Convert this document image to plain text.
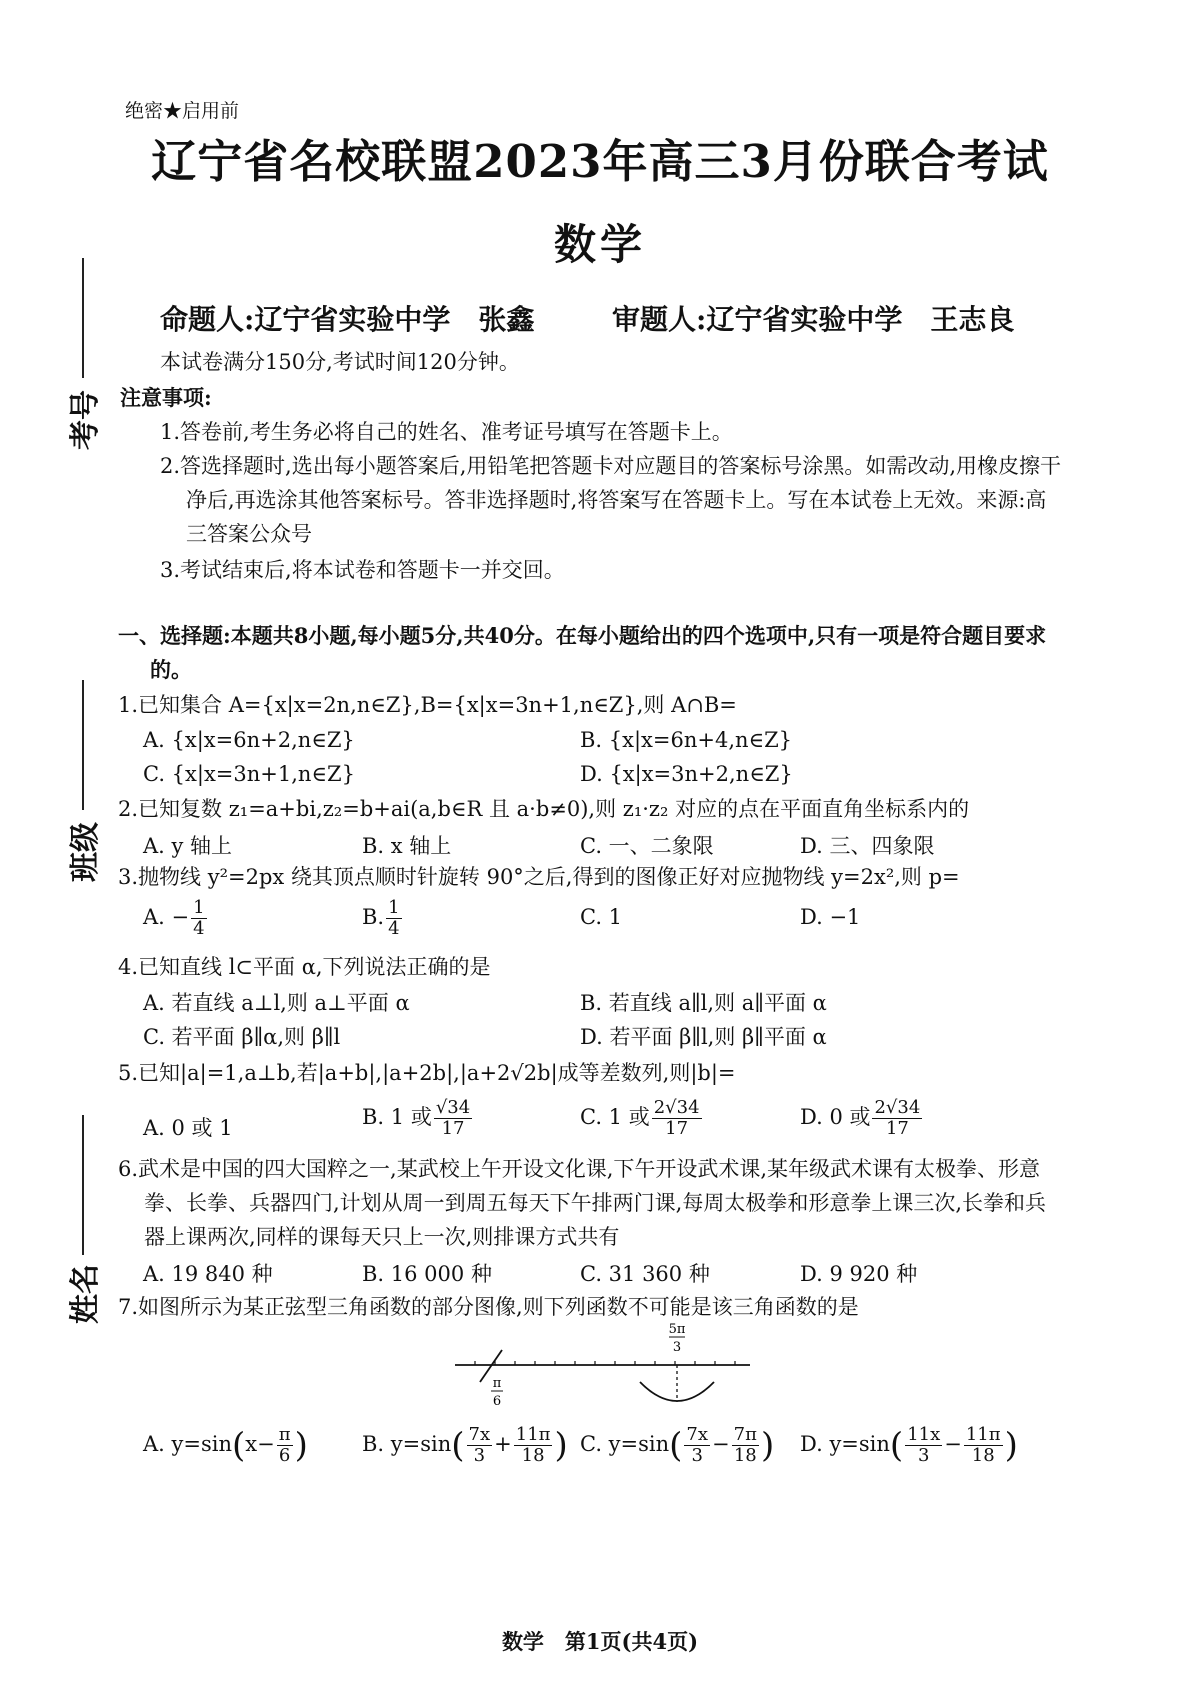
考号
班级
姓名
绝密★启用前
辽宁省名校联盟2023年高三3月份联合考试
数学
命题人:辽宁省实验中学　张鑫	审题人:辽宁省实验中学　王志良
本试卷满分150分,考试时间120分钟。
注意事项:
1.答卷前,考生务必将自己的姓名、准考证号填写在答题卡上。
2.答选择题时,选出每小题答案后,用铅笔把答题卡对应题目的答案标号涂黑。如需改动,用橡皮擦干净后,再选涂其他答案标号。答非选择题时,将答案写在答题卡上。写在本试卷上无效。来源:高三答案公众号
3.考试结束后,将本试卷和答题卡一并交回。
一、选择题:本题共8小题,每小题5分,共40分。在每小题给出的四个选项中,只有一项是符合题目要求的。
1.已知集合 A={x|x=2n,n∈Z},B={x|x=3n+1,n∈Z},则 A∩B=
A. {x|x=6n+2,n∈Z}	B. {x|x=6n+4,n∈Z}
C. {x|x=3n+1,n∈Z}	D. {x|x=3n+2,n∈Z}
2.已知复数 z₁=a+bi,z₂=b+ai(a,b∈R 且 a·b≠0),则 z₁·z₂ 对应的点在平面直角坐标系内的
A. y 轴上	B. x 轴上	C. 一、二象限	D. 三、四象限
3.抛物线 y²=2px 绕其顶点顺时针旋转 90°之后,得到的图像正好对应抛物线 y=2x²,则 p=
A. − $\frac{1}{4}$	B. $\frac{1}{4}$	C. 1	D. −1
4.已知直线 l⊂平面 α,下列说法正确的是
A. 若直线 a⊥l,则 a⊥平面 α	B. 若直线 a∥l,则 a∥平面 α
C. 若平面 β∥α,则 β∥l	D. 若平面 β∥l,则 β∥平面 α
5.已知|a|=1,a⊥b,若|a+b|,|a+2b|,|a+2√2b|成等差数列,则|b|=
A. 0 或 1	B. 1 或 $\frac{√34}{17}$	C. 1 或 $\frac{2√34}{17}$	D. 0 或 $\frac{2√34}{17}$
6.武术是中国的四大国粹之一,某武校上午开设文化课,下午开设武术课,某年级武术课有太极拳、形意拳、长拳、兵器四门,计划从周一到周五每天下午排两门课,每周太极拳和形意拳上课三次,长拳和兵器上课两次,同样的课每天只上一次,则排课方式共有
A. 19 840 种	B. 16 000 种	C. 31 360 种	D. 9 920 种
7.如图所示为某正弦型三角函数的部分图像,则下列函数不可能是该三角函数的是
5π
3
π
6
A. $y=\sin(x- \frac{\pi}{6}$ )	B. $y=\sin( \frac{7x}{3} + \frac{11\pi}{18}$ ) C. $y=\sin( \frac{7x}{3} - \frac{7\pi}{18}$ ) D. $y=\sin( \frac{11x}{3} - \frac{11\pi}{18}$ )
数学　第1页(共4页)
